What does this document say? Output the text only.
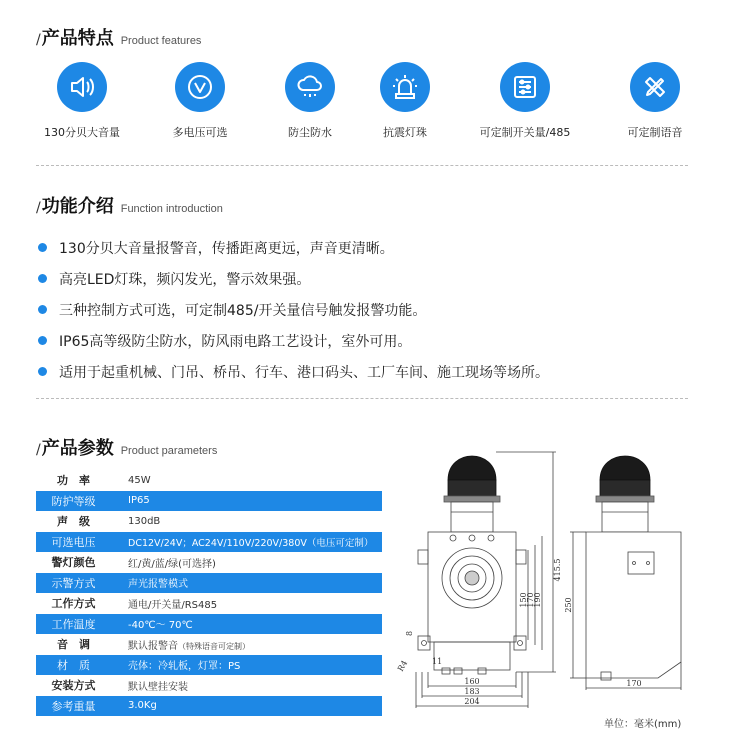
/ 产品特点 Product features
130分贝大音量	多电压可选	防尘防水	抗震灯珠	可定制开关量/485	可定制语音
/ 功能介绍 Function introduction
130分贝大音量报警音，传播距离更远，声音更清晰。
高亮LED灯珠，频闪发光，警示效果强。
三种控制方式可选，可定制485/开关量信号触发报警功能。
IP65高等级防尘防水，防风雨电路工艺设计，室外可用。
适用于起重机械、门吊、桥吊、行车、港口码头、工厂车间、施工现场等场所。
/ 产品参数 Product parameters
功　率	45W
防护等级	IP65
声　级	130dB
可选电压	DC12V/24V；AC24V/110V/220V/380V（电压可定制）
警灯颜色	红/黄/蓝/绿(可选择)
示警方式	声光报警模式
工作方式	通电/开关量/RS485
工作温度	-40℃～ 70℃
音　调	默认报警音（特殊语音可定制）
材　质	壳体：冷轧板，灯罩：PS
安装方式	默认壁挂安装
参考重量	3.0Kg
415.5
150
170
190	250
160
183
204
170
11
8
R4
单位：毫米(mm)
